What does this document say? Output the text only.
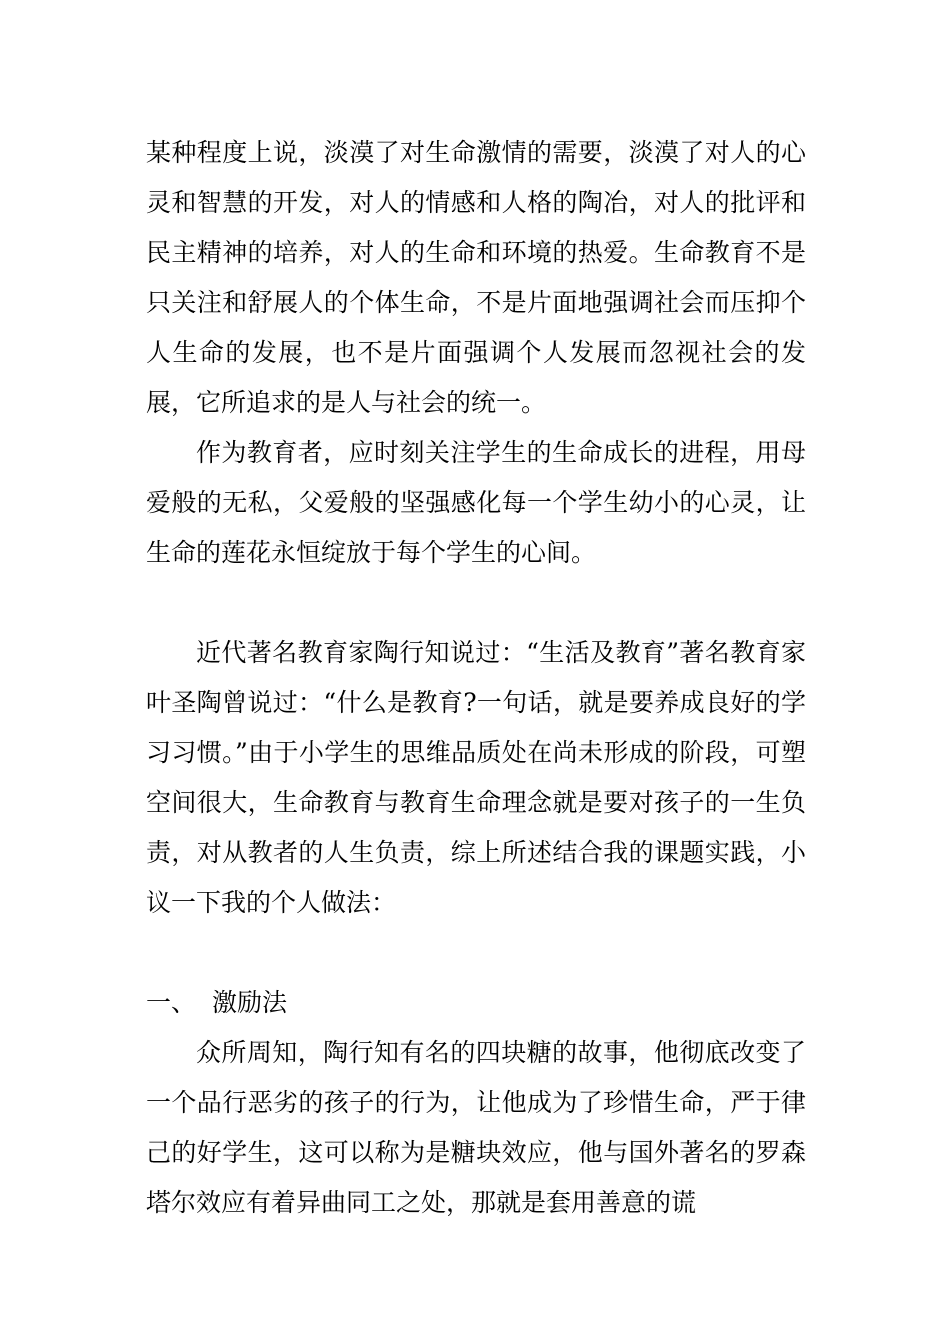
某种程度上说，淡漠了对生命激情的需要，淡漠了对人的心灵和智慧的开发，对人的情感和人格的陶冶，对人的批评和民主精神的培养，对人的生命和环境的热爱。生命教育不是只关注和舒展人的个体生命，不是片面地强调社会而压抑个人生命的发展，也不是片面强调个人发展而忽视社会的发展，它所追求的是人与社会的统一。

作为教育者，应时刻关注学生的生命成长的进程，用母爱般的无私，父爱般的坚强感化每一个学生幼小的心灵，让生命的莲花永恒绽放于每个学生的心间。

近代著名教育家陶行知说过：“生活及教育”著名教育家叶圣陶曾说过：“什么是教育?一句话，就是要养成良好的学习习惯。”由于小学生的思维品质处在尚未形成的阶段，可塑空间很大，生命教育与教育生命理念就是要对孩子的一生负责，对从教者的人生负责，综上所述结合我的课题实践，小议一下我的个人做法：

一、 激励法

众所周知，陶行知有名的四块糖的故事，他彻底改变了一个品行恶劣的孩子的行为，让他成为了珍惜生命，严于律己的好学生，这可以称为是糖块效应，他与国外著名的罗森塔尔效应有着异曲同工之处，那就是套用善意的谎
